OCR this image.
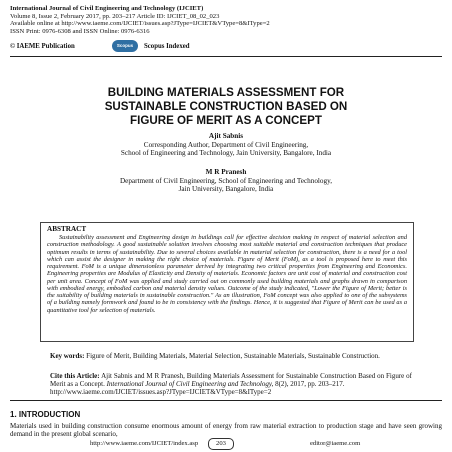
International Journal of Civil Engineering and Technology (IJCIET)
Volume 8, Issue 2, February 2017, pp. 203–217 Article ID: IJCIET_08_02_023
Available online at http://www.iaeme.com/IJCIET/issues.asp?JType=IJCIET&VType=8&IType=2
ISSN Print: 0976-6308 and ISSN Online: 0976-6316
© IAEME Publication	Scopus	Scopus Indexed
BUILDING MATERIALS ASSESSMENT FOR
SUSTAINABLE CONSTRUCTION BASED ON
FIGURE OF MERIT AS A CONCEPT
Ajit Sabnis
Corresponding Author, Department of Civil Engineering,
School of Engineering and Technology, Jain University, Bangalore, India
M R Pranesh
Department of Civil Engineering, School of Engineering and Technology,
Jain University, Bangalore, India
ABSTRACT
Sustainability assessment and Engineering design in buildings call for effective decision making in respect of material selection and construction methodology. A good sustainable solution involves choosing most suitable material and construction techniques that produce optimum results in terms of sustainability. Due to several choices available in material selection for construction, there is a need for a tool which can assist the designer in making the right choice of materials. Figure of Merit (FoM), as a tool is proposed here to meet this requirement. FoM is a unique dimensionless parameter derived by integrating two critical properties from Engineering and Economics. Engineering properties are Modulus of Elasticity and Density of materials. Economic factors are unit cost of material and construction cost per unit area. Concept of FoM was applied and study carried out on commonly used building materials and graphs drawn in comparison with embodied energy, embodied carbon and material density values. Outcome of the study indicated, "Lower the Figure of Merit; better is the suitability of building materials in sustainable construction." As an illustration, FoM concept was also applied to one of the subsystems of a building namely formwork and found to be in consistency with the findings. Hence, it is suggested that Figure of Merit can be used as a quantitative tool for selection of materials.
Key words: Figure of Merit, Building Materials, Material Selection, Sustainable Materials, Sustainable Construction.
Cite this Article: Ajit Sabnis and M R Pranesh, Building Materials Assessment for Sustainable Construction Based on Figure of Merit as a Concept. International Journal of Civil Engineering and Technology, 8(2), 2017, pp. 203–217.
http://www.iaeme.com/IJCIET/issues.asp?JType=IJCIET&VType=8&IType=2
1. INTRODUCTION
Materials used in building construction consume enormous amount of energy from raw material extraction to production stage and have seen growing demand in the present global scenario,
http://www.iaeme.com/IJCIET/index.asp	203	editor@iaeme.com
